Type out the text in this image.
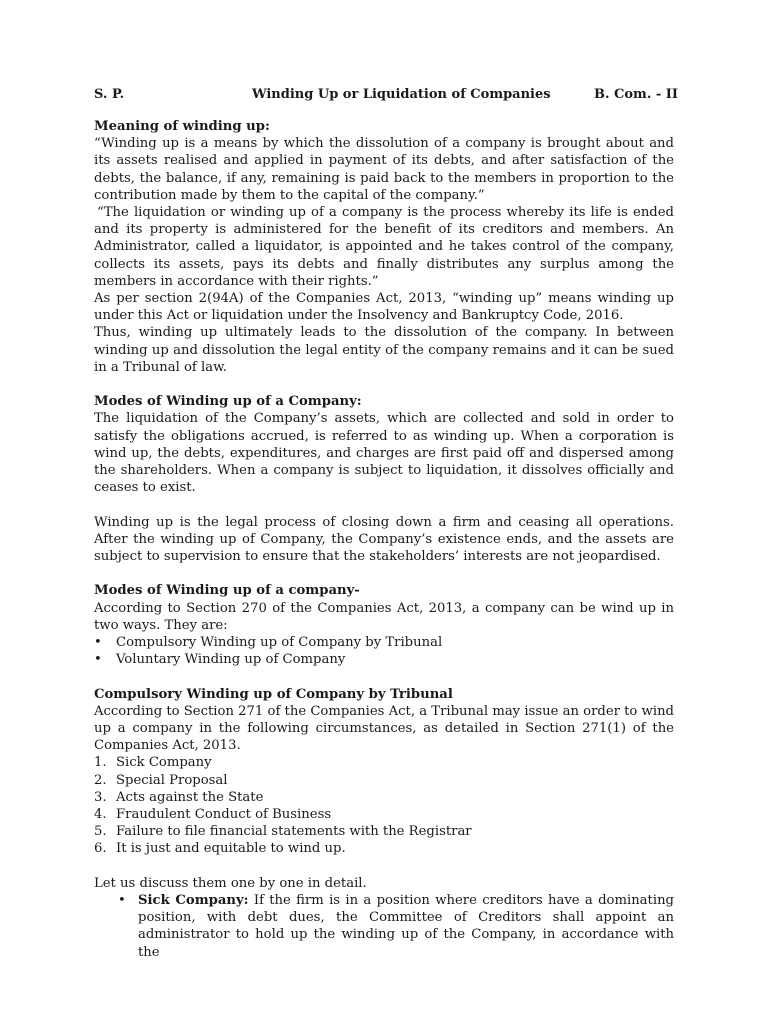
S. P.	Winding Up or Liquidation of Companies	B. Com. - II
Meaning of winding up:

“Winding up is a means by which the dissolution of a company is brought about and its assets realised and applied in payment of its debts, and after satisfaction of the debts, the balance, if any, remaining is paid back to the members in proportion to the contribution made by them to the capital of the company.”

“The liquidation or winding up of a company is the process whereby its life is ended and its property is administered for the benefit of its creditors and members. An Administrator, called a liquidator, is appointed and he takes control of the company, collects its assets, pays its debts and finally distributes any surplus among the members in accordance with their rights.”

As per section 2(94A) of the Companies Act, 2013, “winding up” means winding up under this Act or liquidation under the Insolvency and Bankruptcy Code, 2016.

Thus, winding up ultimately leads to the dissolution of the company. In between winding up and dissolution the legal entity of the company remains and it can be sued in a Tribunal of law.

Modes of Winding up of a Company:

The liquidation of the Company’s assets, which are collected and sold in order to satisfy the obligations accrued, is referred to as winding up. When a corporation is wind up, the debts, expenditures, and charges are first paid off and dispersed among the shareholders. When a company is subject to liquidation, it dissolves officially and ceases to exist.

Winding up is the legal process of closing down a firm and ceasing all operations. After the winding up of Company, the Company’s existence ends, and the assets are subject to supervision to ensure that the stakeholders’ interests are not jeopardised.

Modes of Winding up of a company-

According to Section 270 of the Companies Act, 2013, a company can be wind up in two ways. They are:

• Compulsory Winding up of Company by Tribunal
• Voluntary Winding up of Company
Compulsory Winding up of Company by Tribunal

According to Section 271 of the Companies Act, a Tribunal may issue an order to wind up a company in the following circumstances, as detailed in Section 271(1) of the Companies Act, 2013.

1. Sick Company
2. Special Proposal
3. Acts against the State
4. Fraudulent Conduct of Business
5. Failure to file financial statements with the Registrar
6. It is just and equitable to wind up.

Let us discuss them one by one in detail.

• Sick Company: If the firm is in a position where creditors have a dominating position, with debt dues, the Committee of Creditors shall appoint an administrator to hold up the winding up of the Company, in accordance with the
